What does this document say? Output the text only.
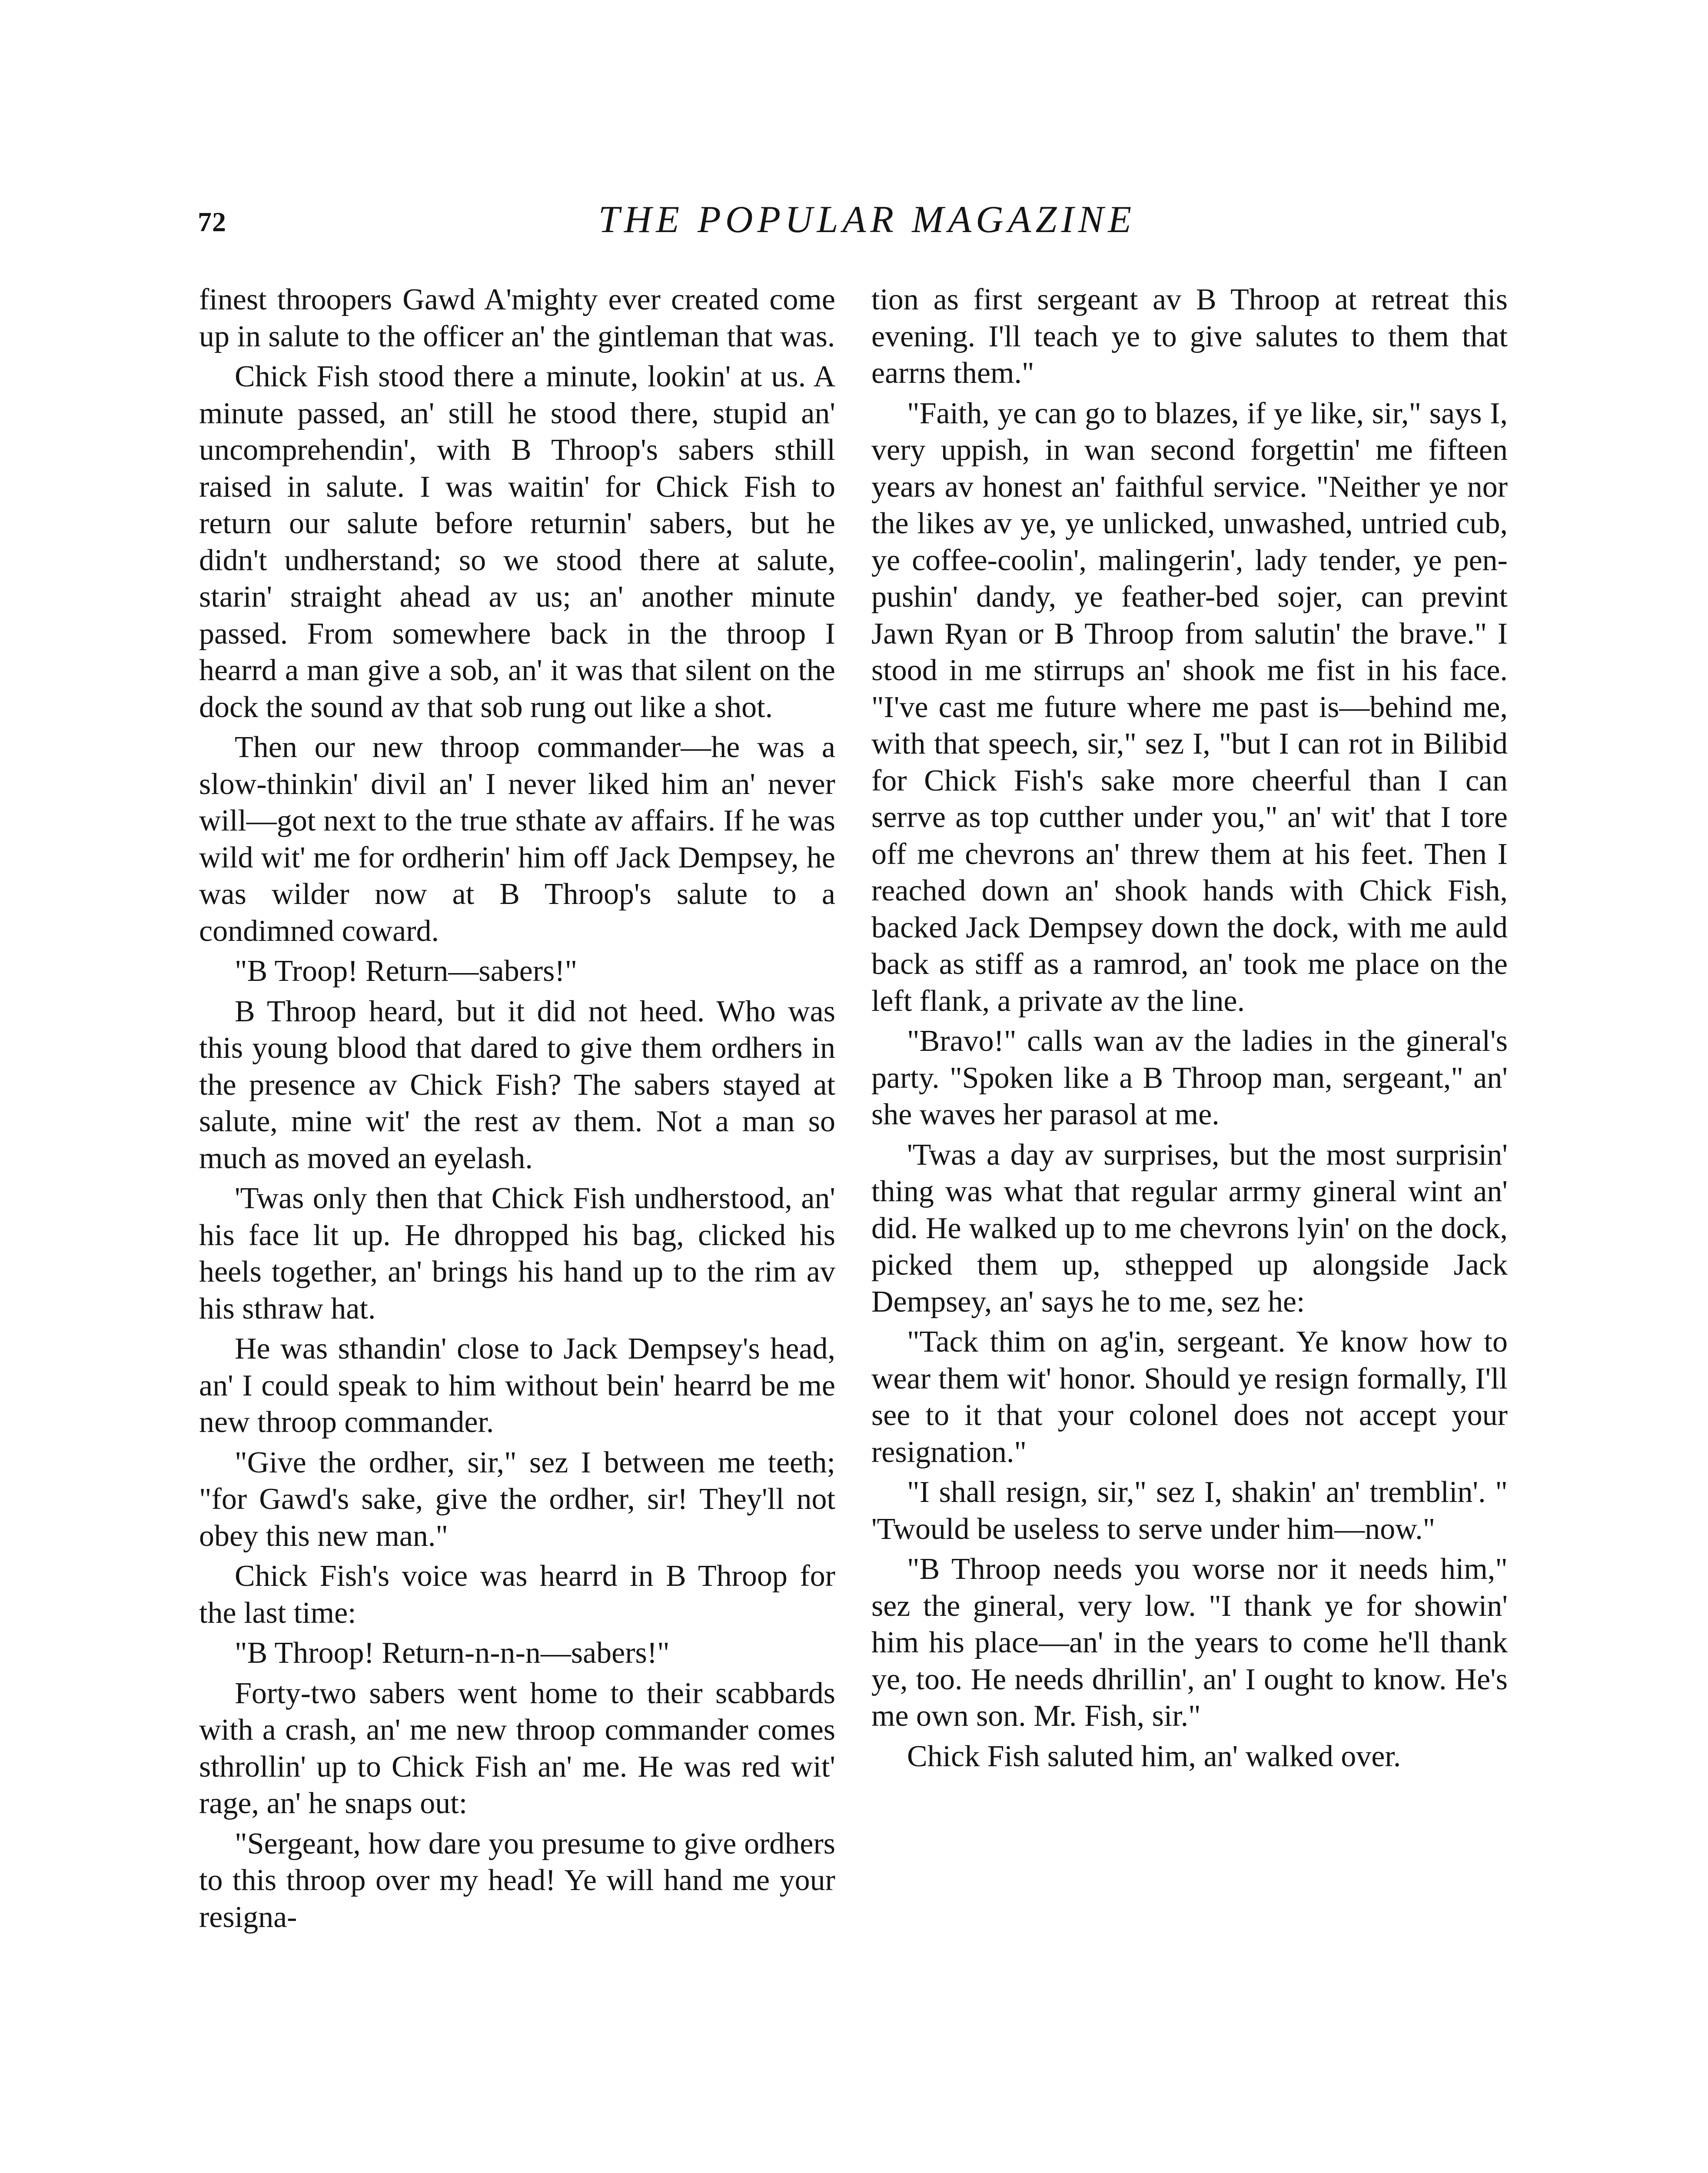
72	THE POPULAR MAGAZINE

finest throopers Gawd A'mighty ever created come up in salute to the officer an' the gintleman that was.

Chick Fish stood there a minute, lookin' at us. A minute passed, an' still he stood there, stupid an' uncomprehendin', with B Throop's sabers sthill raised in salute. I was waitin' for Chick Fish to return our salute before returnin' sabers, but he didn't undherstand; so we stood there at salute, starin' straight ahead av us; an' another minute passed. From somewhere back in the throop I hearrd a man give a sob, an' it was that silent on the dock the sound av that sob rung out like a shot.

Then our new throop commander—he was a slow-thinkin' divil an' I never liked him an' never will—got next to the true sthate av affairs. If he was wild wit' me for ordherin' him off Jack Dempsey, he was wilder now at B Throop's salute to a condimned coward.

"B Troop! Return—sabers!"

B Throop heard, but it did not heed. Who was this young blood that dared to give them ordhers in the presence av Chick Fish? The sabers stayed at salute, mine wit' the rest av them. Not a man so much as moved an eyelash.

'Twas only then that Chick Fish undherstood, an' his face lit up. He dhropped his bag, clicked his heels together, an' brings his hand up to the rim av his sthraw hat.

He was sthandin' close to Jack Dempsey's head, an' I could speak to him without bein' hearrd be me new throop commander.

"Give the ordher, sir," sez I between me teeth; "for Gawd's sake, give the ordher, sir! They'll not obey this new man."

Chick Fish's voice was hearrd in B Throop for the last time:

"B Throop! Return-n-n-n—sabers!"

Forty-two sabers went home to their scabbards with a crash, an' me new throop commander comes sthrollin' up to Chick Fish an' me. He was red wit' rage, an' he snaps out:

"Sergeant, how dare you presume to give ordhers to this throop over my head! Ye will hand me your resigna-

tion as first sergeant av B Throop at retreat this evening. I'll teach ye to give salutes to them that earrns them."

"Faith, ye can go to blazes, if ye like, sir," says I, very uppish, in wan second forgettin' me fifteen years av honest an' faithful service. "Neither ye nor the likes av ye, ye unlicked, unwashed, untried cub, ye coffee-coolin', malingerin', lady tender, ye pen-pushin' dandy, ye feather-bed sojer, can prevint Jawn Ryan or B Throop from salutin' the brave." I stood in me stirrups an' shook me fist in his face. "I've cast me future where me past is—behind me, with that speech, sir," sez I, "but I can rot in Bilibid for Chick Fish's sake more cheerful than I can serrve as top cutther under you," an' wit' that I tore off me chevrons an' threw them at his feet. Then I reached down an' shook hands with Chick Fish, backed Jack Dempsey down the dock, with me auld back as stiff as a ramrod, an' took me place on the left flank, a private av the line.

"Bravo!" calls wan av the ladies in the gineral's party. "Spoken like a B Throop man, sergeant," an' she waves her parasol at me.

'Twas a day av surprises, but the most surprisin' thing was what that regular arrmy gineral wint an' did. He walked up to me chevrons lyin' on the dock, picked them up, sthepped up alongside Jack Dempsey, an' says he to me, sez he:

"Tack thim on ag'in, sergeant. Ye know how to wear them wit' honor. Should ye resign formally, I'll see to it that your colonel does not accept your resignation."

"I shall resign, sir," sez I, shakin' an' tremblin'. " 'Twould be useless to serve under him—now."

"B Throop needs you worse nor it needs him," sez the gineral, very low. "I thank ye for showin' him his place—an' in the years to come he'll thank ye, too. He needs dhrillin', an' I ought to know. He's me own son. Mr. Fish, sir."

Chick Fish saluted him, an' walked over.
